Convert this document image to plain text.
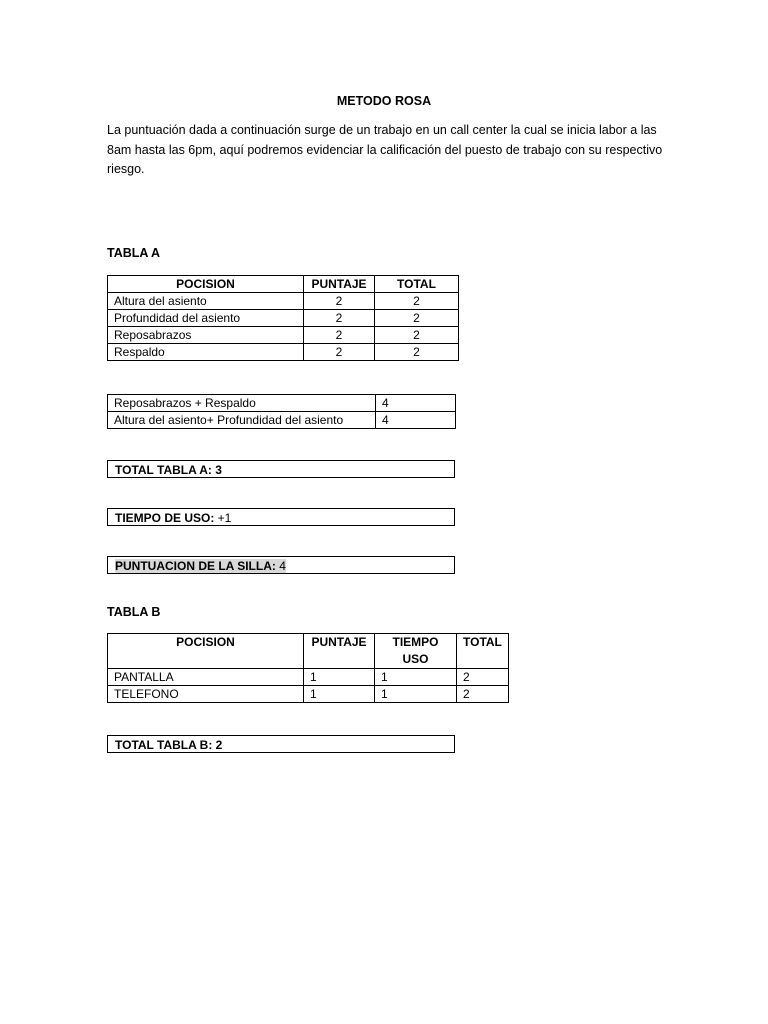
METODO ROSA
La puntuación dada a continuación surge de un trabajo en un call center la cual se inicia labor a las 8am hasta las 6pm, aquí podremos evidenciar la calificación del puesto de trabajo con su respectivo riesgo.
TABLA A
POCISION	PUNTAJE	TOTAL
Altura del asiento	2	2
Profundidad del asiento	2	2
Reposabrazos	2	2
Respaldo	2	2
Reposabrazos + Respaldo	4
Altura del asiento+ Profundidad del asiento	4
TOTAL TABLA A: 3
TIEMPO DE USO: +1
PUNTUACION DE LA SILLA: 4
TABLA B
POCISION	PUNTAJE	TIEMPO USO	TOTAL
PANTALLA	1	1	2
TELEFONO	1	1	2
TOTAL TABLA B: 2
